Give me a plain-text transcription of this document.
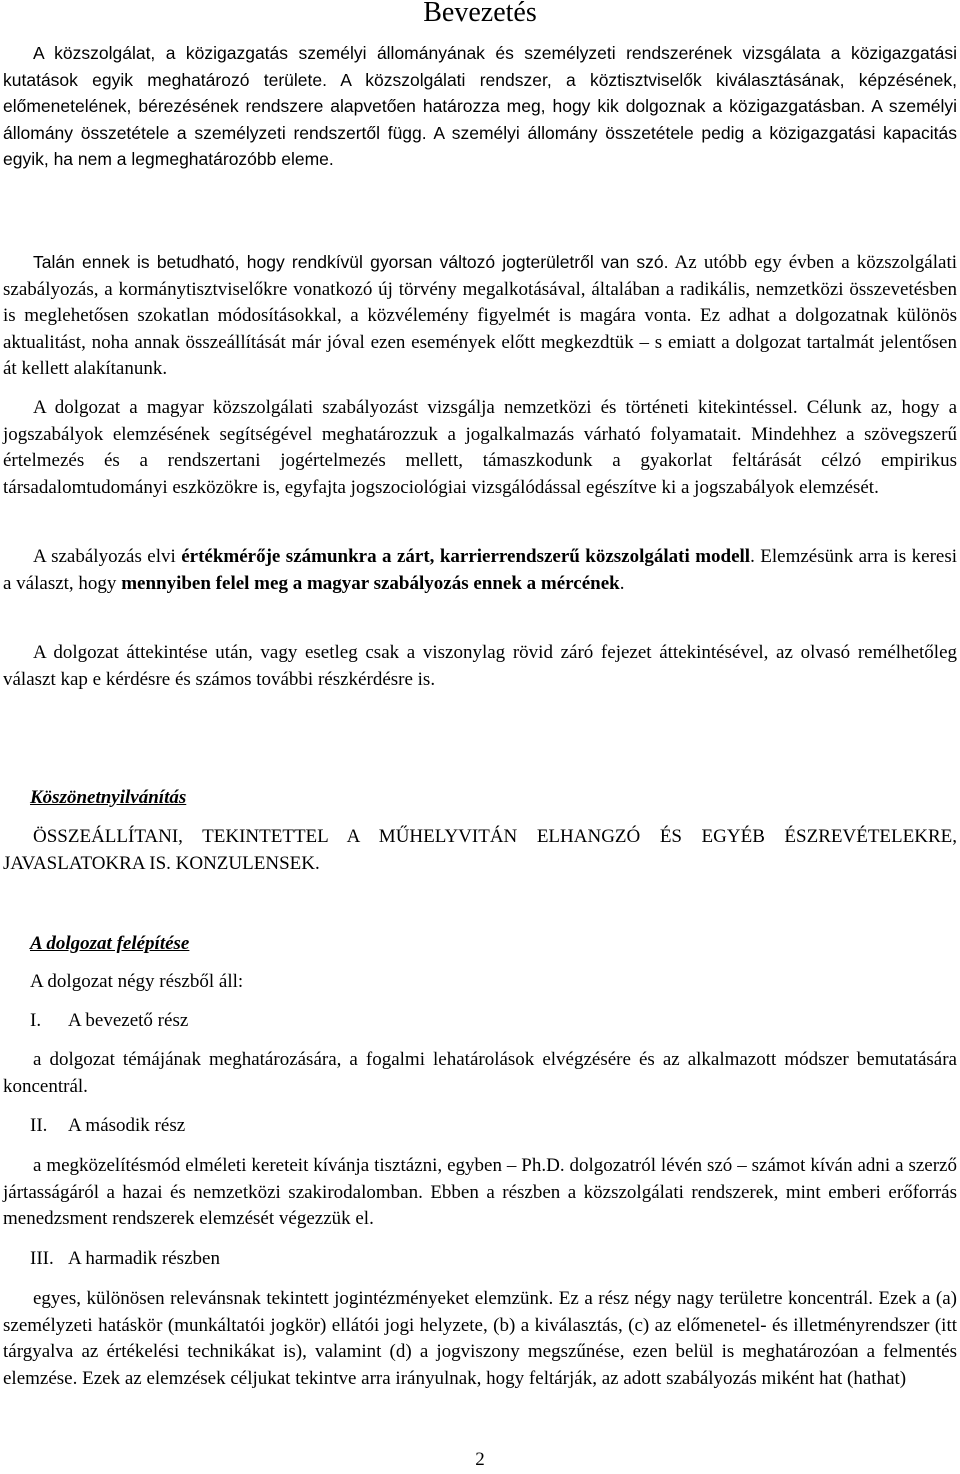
Bevezetés

A közszolgálat, a közigazgatás személyi állományának és személyzeti rendszerének vizsgálata a közigazgatási kutatások egyik meghatározó területe. A közszolgálati rendszer, a köztisztviselők kiválasztásának, képzésének, előmenetelének, bérezésének rendszere alapvetően határozza meg, hogy kik dolgoznak a közigazgatásban. A személyi állomány összetétele a személyzeti rendszertől függ. A személyi állomány összetétele pedig a közigazgatási kapacitás egyik, ha nem a legmeghatározóbb eleme.

Talán ennek is betudható, hogy rendkívül gyorsan változó jogterületről van szó. Az utóbb egy évben a közszolgálati szabályozás, a kormánytisztviselőkre vonatkozó új törvény megalkotásával, általában a radikális, nemzetközi összevetésben is meglehetősen szokatlan módosításokkal, a közvélemény figyelmét is magára vonta. Ez adhat a dolgozatnak különös aktualitást, noha annak összeállítását már jóval ezen események előtt megkezdtük – s emiatt a dolgozat tartalmát jelentősen át kellett alakítanunk.

A dolgozat a magyar közszolgálati szabályozást vizsgálja nemzetközi és történeti kitekintéssel. Célunk az, hogy a jogszabályok elemzésének segítségével meghatározzuk a jogalkalmazás várható folyamatait. Mindehhez a szövegszerű értelmezés és a rendszertani jogértelmezés mellett, támaszkodunk a gyakorlat feltárását célzó empirikus társadalomtudományi eszközökre is, egyfajta jogszociológiai vizsgálódással egészítve ki a jogszabályok elemzését.

A szabályozás elvi értékmérője számunkra a zárt, karrierrendszerű közszolgálati modell. Elemzésünk arra is keresi a választ, hogy mennyiben felel meg a magyar szabályozás ennek a mércének.

A dolgozat áttekintése után, vagy esetleg csak a viszonylag rövid záró fejezet áttekintésével, az olvasó remélhetőleg választ kap e kérdésre és számos további részkérdésre is.

Köszönetnyilvánítás

ÖSSZEÁLLÍTANI, TEKINTETTEL A MŰHELYVITÁN ELHANGZÓ ÉS EGYÉB ÉSZREVÉTELEKRE, JAVASLATOKRA IS. KONZULENSEK.

A dolgozat felépítése

A dolgozat négy részből áll:

I. A bevezető rész

a dolgozat témájának meghatározására, a fogalmi lehatárolások elvégzésére és az alkalmazott módszer bemutatására koncentrál.

II. A második rész

a megközelítésmód elméleti kereteit kívánja tisztázni, egyben – Ph.D. dolgozatról lévén szó – számot kíván adni a szerző jártasságáról a hazai és nemzetközi szakirodalomban. Ebben a részben a közszolgálati rendszerek, mint emberi erőforrás menedzsment rendszerek elemzését végezzük el.

III. A harmadik részben

egyes, különösen relevánsnak tekintett jogintézményeket elemzünk. Ez a rész négy nagy területre koncentrál. Ezek a (a) személyzeti hatáskör (munkáltatói jogkör) ellátói jogi helyzete, (b) a kiválasztás, (c) az előmenetel- és illetményrendszer (itt tárgyalva az értékelési technikákat is), valamint (d) a jogviszony megszűnése, ezen belül is meghatározóan a felmentés elemzése. Ezek az elemzések céljukat tekintve arra irányulnak, hogy feltárják, az adott szabályozás miként hat (hathat)

2
